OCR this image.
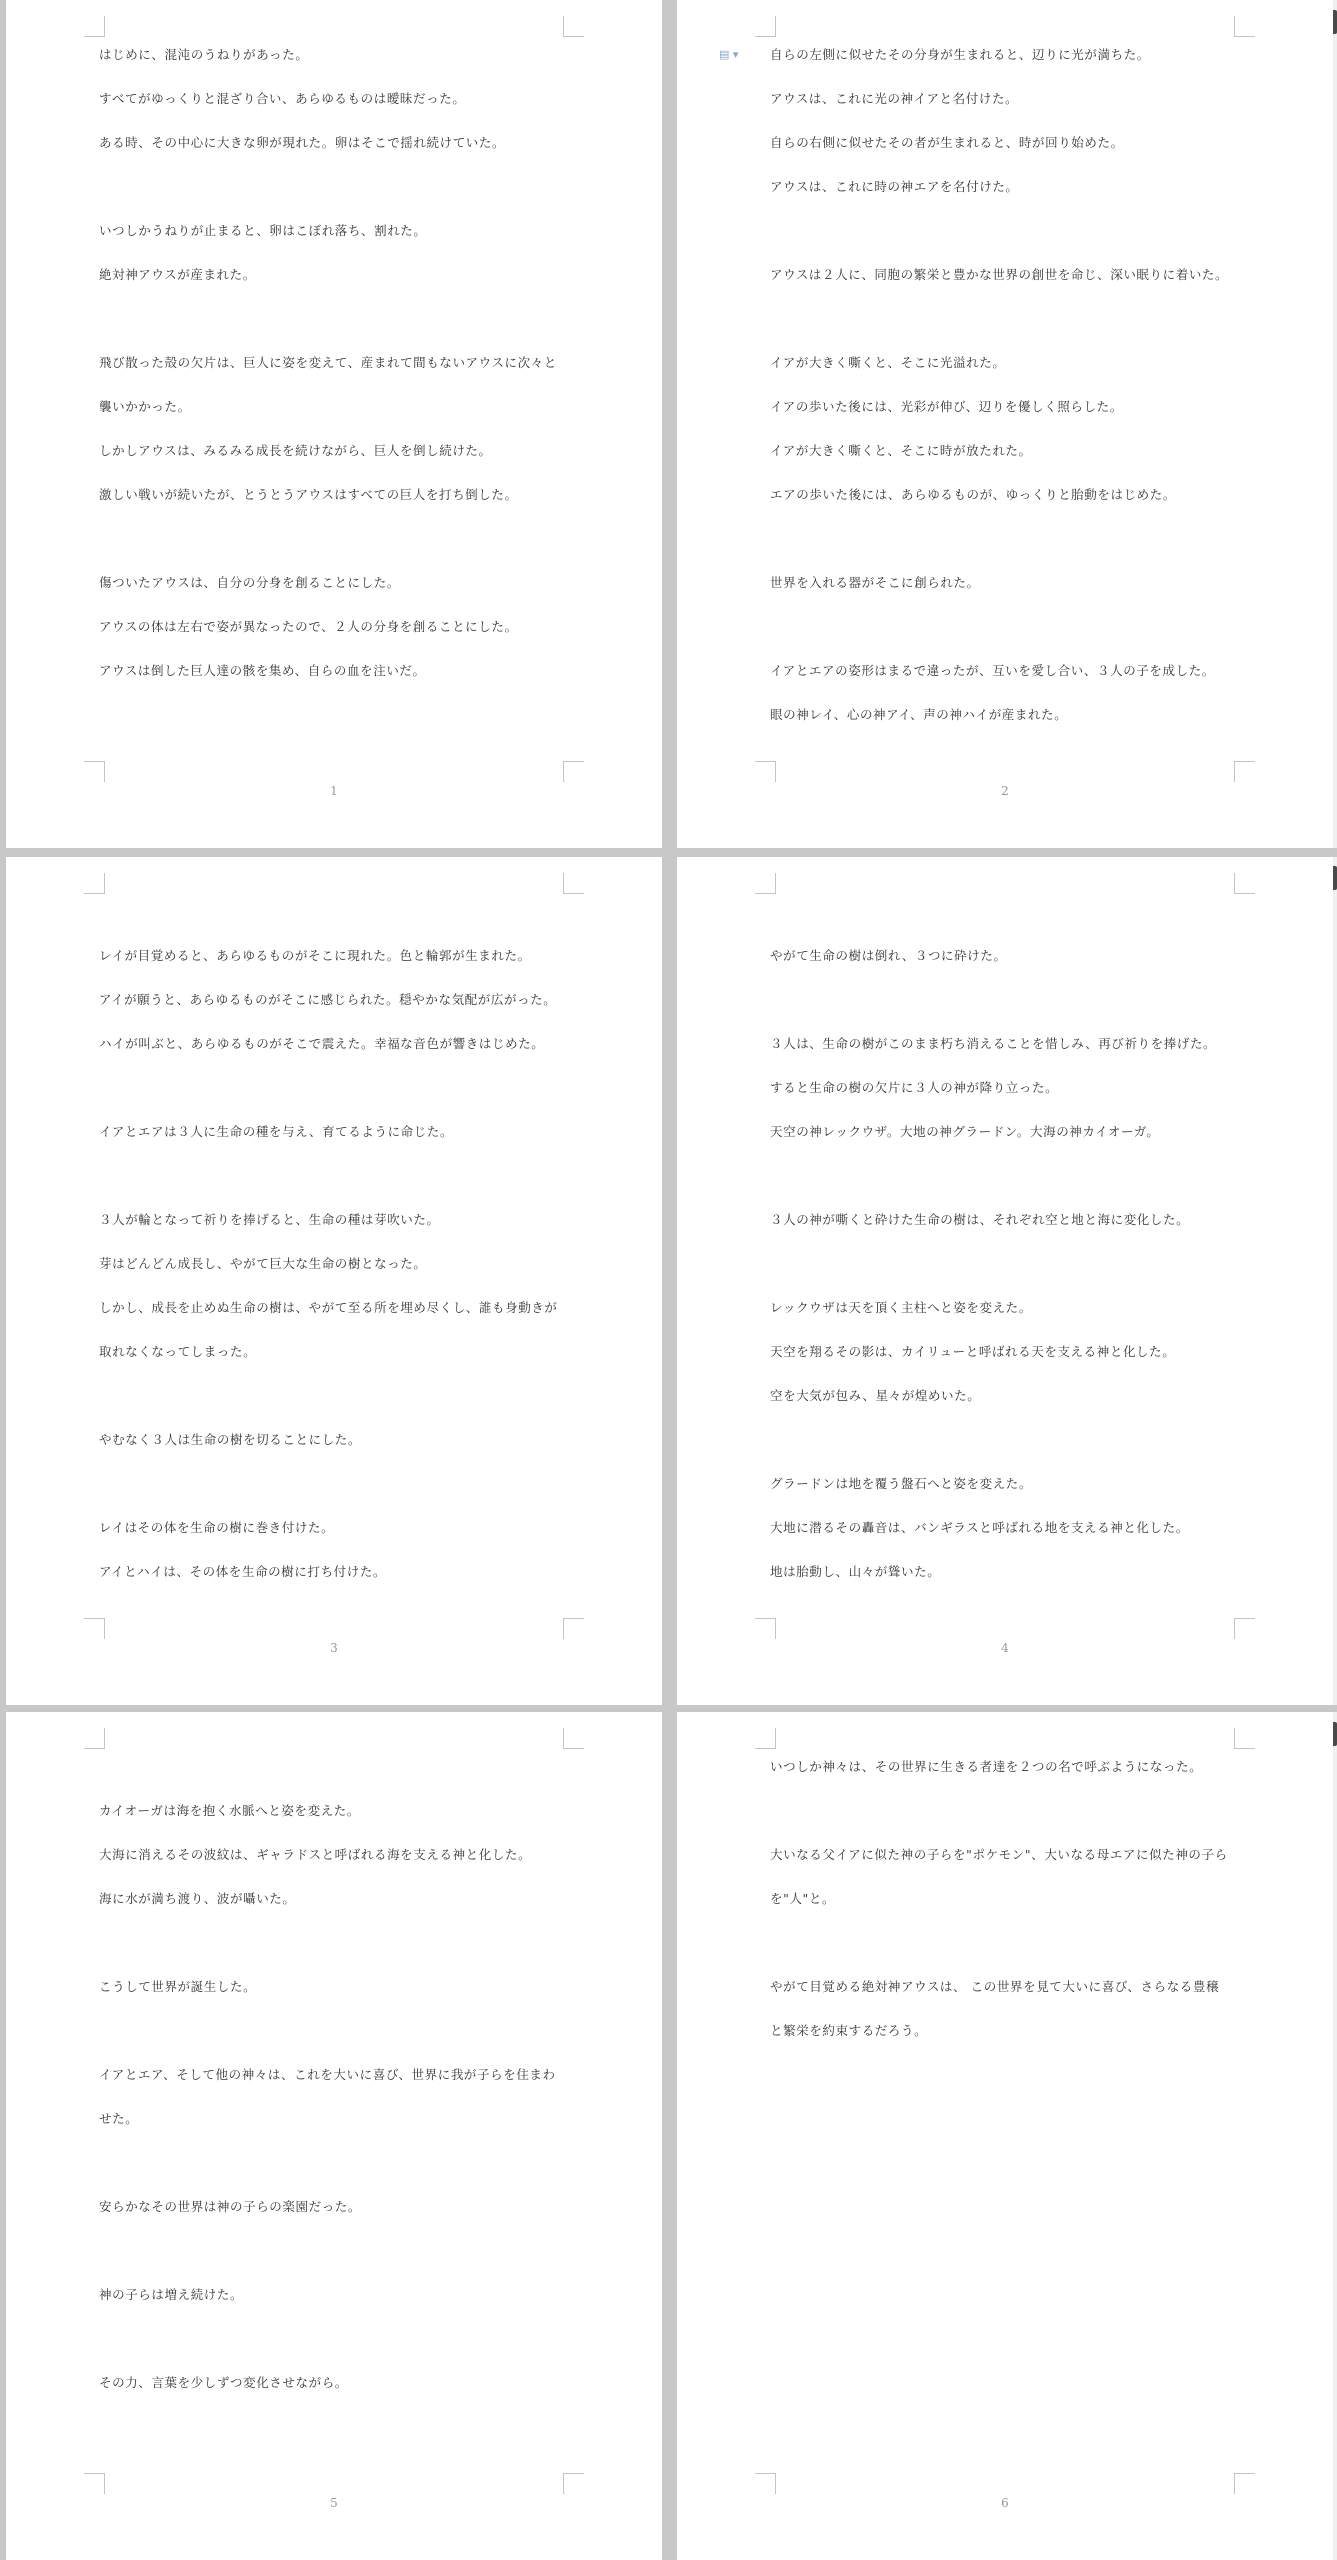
はじめに、混沌のうねりがあった。
すべてがゆっくりと混ざり合い、あらゆるものは曖昧だった。
ある時、その中心に大きな卵が現れた。卵はそこで揺れ続けていた。
いつしかうねりが止まると、卵はこぼれ落ち、割れた。
絶対神アウスが産まれた。
飛び散った殻の欠片は、巨人に姿を変えて、産まれて間もないアウスに次々と
襲いかかった。
しかしアウスは、みるみる成長を続けながら、巨人を倒し続けた。
激しい戦いが続いたが、とうとうアウスはすべての巨人を打ち倒した。
傷ついたアウスは、自分の分身を創ることにした。
アウスの体は左右で姿が異なったので、２人の分身を創ることにした。
アウスは倒した巨人達の骸を集め、自らの血を注いだ。
1
▤ ▾	自らの左側に似せたその分身が生まれると、辺りに光が満ちた。
アウスは、これに光の神イアと名付けた。
自らの右側に似せたその者が生まれると、時が回り始めた。
アウスは、これに時の神エアを名付けた。
アウスは２人に、同胞の繁栄と豊かな世界の創世を命じ、深い眠りに着いた。
イアが大きく嘶くと、そこに光溢れた。
イアの歩いた後には、光彩が伸び、辺りを優しく照らした。
イアが大きく嘶くと、そこに時が放たれた。
エアの歩いた後には、あらゆるものが、ゆっくりと胎動をはじめた。
世界を入れる器がそこに創られた。
イアとエアの姿形はまるで違ったが、互いを愛し合い、３人の子を成した。
眼の神レイ、心の神アイ、声の神ハイが産まれた。
2
レイが目覚めると、あらゆるものがそこに現れた。色と輪郭が生まれた。
アイが願うと、あらゆるものがそこに感じられた。穏やかな気配が広がった。
ハイが叫ぶと、あらゆるものがそこで震えた。幸福な音色が響きはじめた。
イアとエアは３人に生命の種を与え、育てるように命じた。
３人が輪となって祈りを捧げると、生命の種は芽吹いた。
芽はどんどん成長し、やがて巨大な生命の樹となった。
しかし、成長を止めぬ生命の樹は、やがて至る所を埋め尽くし、誰も身動きが
取れなくなってしまった。
やむなく３人は生命の樹を切ることにした。
レイはその体を生命の樹に巻き付けた。
アイとハイは、その体を生命の樹に打ち付けた。
3
やがて生命の樹は倒れ、３つに砕けた。
３人は、生命の樹がこのまま朽ち消えることを惜しみ、再び祈りを捧げた。
すると生命の樹の欠片に３人の神が降り立った。
天空の神レックウザ。大地の神グラードン。大海の神カイオーガ。
３人の神が嘶くと砕けた生命の樹は、それぞれ空と地と海に変化した。
レックウザは天を頂く主柱へと姿を変えた。
天空を翔るその影は、カイリューと呼ばれる天を支える神と化した。
空を大気が包み、星々が煌めいた。
グラードンは地を覆う盤石へと姿を変えた。
大地に潜るその轟音は、バンギラスと呼ばれる地を支える神と化した。
地は胎動し、山々が聳いた。
4
カイオーガは海を抱く水脈へと姿を変えた。
大海に消えるその波紋は、ギャラドスと呼ばれる海を支える神と化した。
海に水が満ち渡り、波が囁いた。
こうして世界が誕生した。
イアとエア、そして他の神々は、これを大いに喜び、世界に我が子らを住まわ
せた。
安らかなその世界は神の子らの楽園だった。
神の子らは増え続けた。
その力、言葉を少しずつ変化させながら。
5
いつしか神々は、その世界に生きる者達を２つの名で呼ぶようになった。
大いなる父イアに似た神の子らを"ポケモン"、大いなる母エアに似た神の子ら
を"人"と。
やがて目覚める絶対神アウスは、 この世界を見て大いに喜び、さらなる豊穣
と繁栄を約束するだろう。
6
